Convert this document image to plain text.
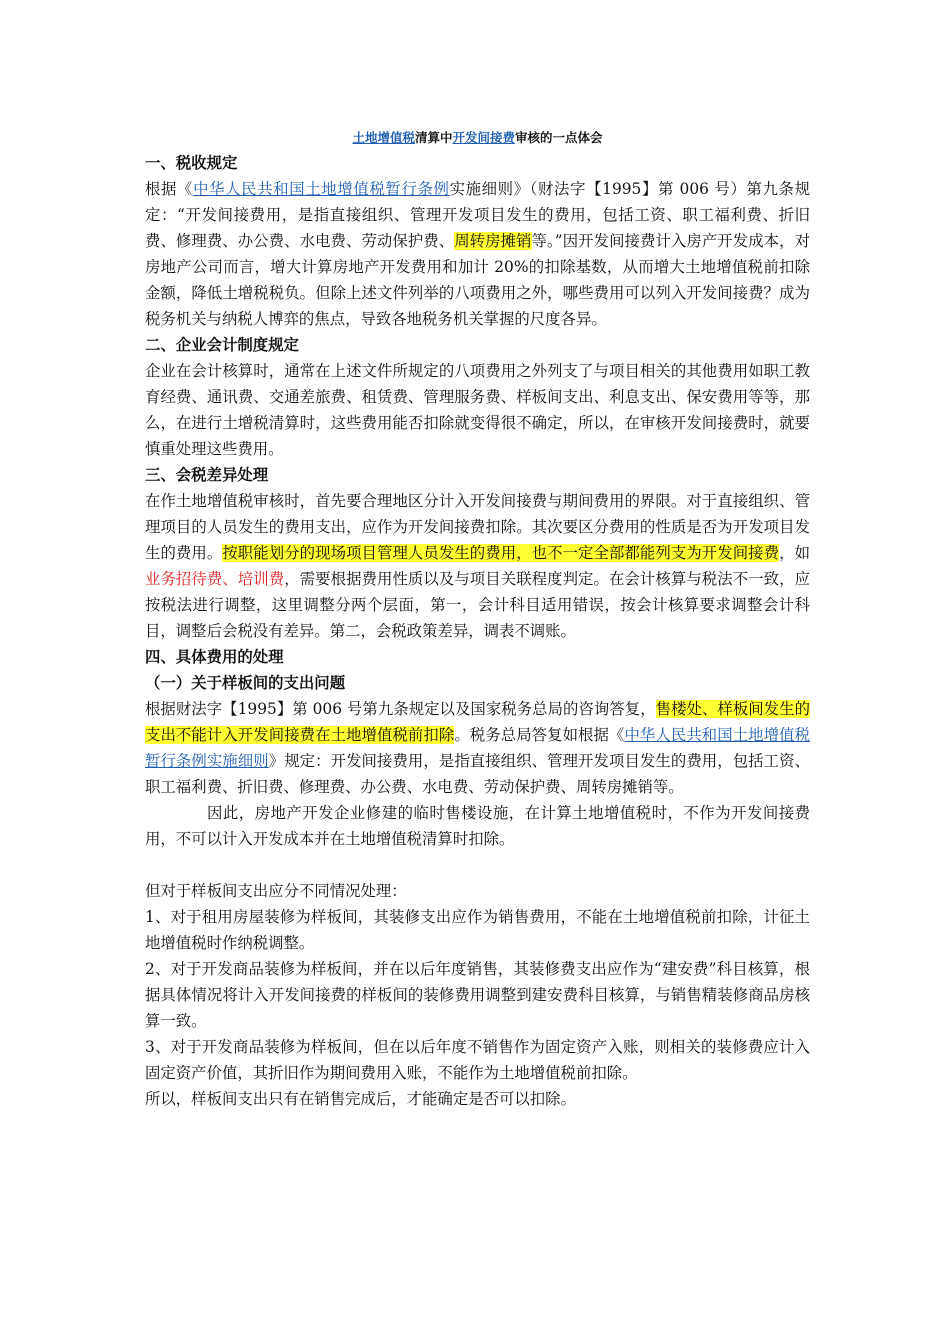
土地增值税清算中开发间接费审核的一点体会
一、税收规定

根据《中华人民共和国土地增值税暂行条例实施细则》（财法字【1995】第 006 号）第九条规定：“开发间接费用，是指直接组织、管理开发项目发生的费用，包括工资、职工福利费、折旧费、修理费、办公费、水电费、劳动保护费、周转房摊销等。”因开发间接费计入房产开发成本，对房地产公司而言，增大计算房地产开发费用和加计 20%的扣除基数，从而增大土地增值税前扣除金额，降低土增税税负。但除上述文件列举的八项费用之外，哪些费用可以列入开发间接费？成为税务机关与纳税人博弈的焦点，导致各地税务机关掌握的尺度各异。

二、企业会计制度规定

企业在会计核算时，通常在上述文件所规定的八项费用之外列支了与项目相关的其他费用如职工教育经费、通讯费、交通差旅费、租赁费、管理服务费、样板间支出、利息支出、保安费用等等，那么，在进行土增税清算时，这些费用能否扣除就变得很不确定，所以，在审核开发间接费时，就要慎重处理这些费用。

三、会税差异处理

在作土地增值税审核时，首先要合理地区分计入开发间接费与期间费用的界限。对于直接组织、管理项目的人员发生的费用支出，应作为开发间接费扣除。其次要区分费用的性质是否为开发项目发生的费用。按职能划分的现场项目管理人员发生的费用，也不一定全部都能列支为开发间接费，如业务招待费、培训费，需要根据费用性质以及与项目关联程度判定。在会计核算与税法不一致，应按税法进行调整，这里调整分两个层面，第一，会计科目适用错误，按会计核算要求调整会计科目，调整后会税没有差异。第二，会税政策差异，调表不调账。

四、具体费用的处理
（一）关于样板间的支出问题

根据财法字【1995】第 006 号第九条规定以及国家税务总局的咨询答复，售楼处、样板间发生的支出不能计入开发间接费在土地增值税前扣除。税务总局答复如根据《中华人民共和国土地增值税暂行条例实施细则》规定：开发间接费用，是指直接组织、管理开发项目发生的费用，包括工资、职工福利费、折旧费、修理费、办公费、水电费、劳动保护费、周转房摊销等。

因此，房地产开发企业修建的临时售楼设施，在计算土地增值税时，不作为开发间接费用，不可以计入开发成本并在土地增值税清算时扣除。

但对于样板间支出应分不同情况处理：

1、对于租用房屋装修为样板间，其装修支出应作为销售费用，不能在土地增值税前扣除，计征土地增值税时作纳税调整。

2、对于开发商品装修为样板间，并在以后年度销售，其装修费支出应作为“建安费”科目核算，根据具体情况将计入开发间接费的样板间的装修费用调整到建安费科目核算，与销售精装修商品房核算一致。

3、对于开发商品装修为样板间，但在以后年度不销售作为固定资产入账，则相关的装修费应计入固定资产价值，其折旧作为期间费用入账，不能作为土地增值税前扣除。

所以，样板间支出只有在销售完成后，才能确定是否可以扣除。
